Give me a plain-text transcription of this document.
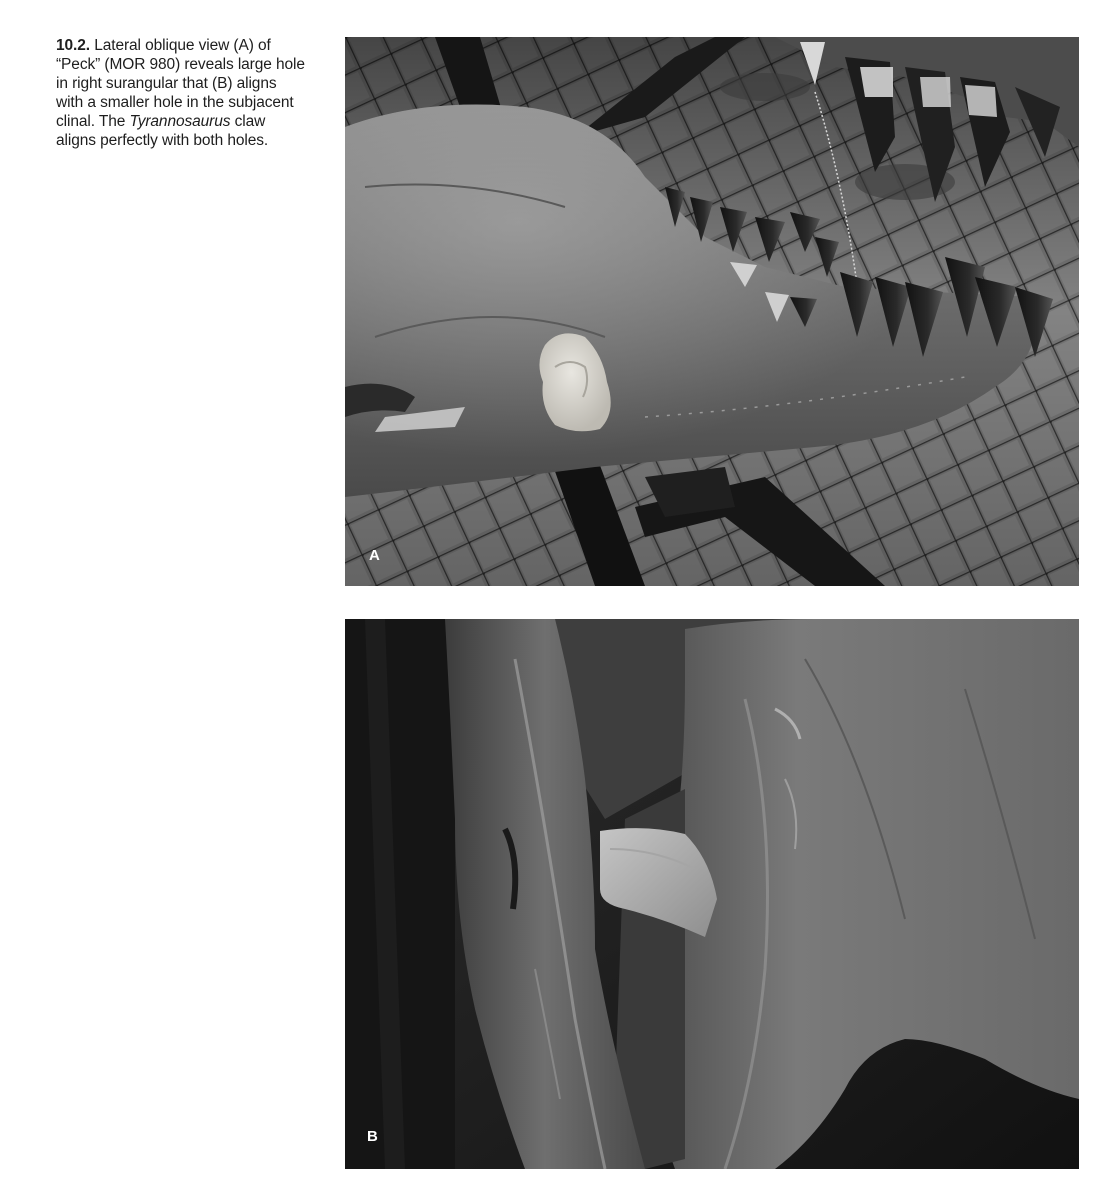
10.2. Lateral oblique view (A) of “Peck” (MOR 980) reveals large hole in right surangular that (B) aligns with a smaller hole in the subjacent clinal. The Tyrannosaurus claw aligns perfectly with both holes.
A
B
